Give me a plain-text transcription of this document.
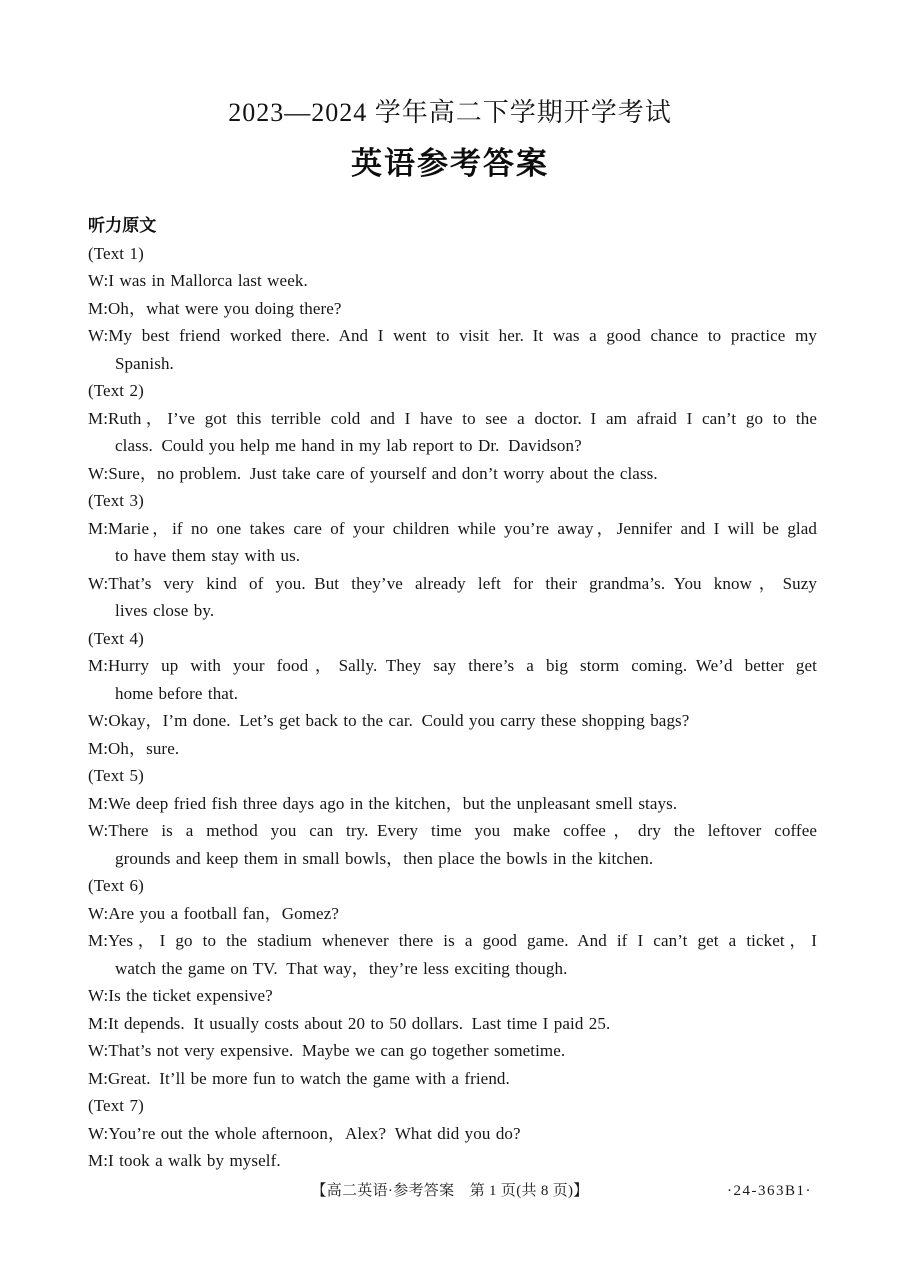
2023—2024 学年高二下学期开学考试
英语参考答案
听力原文
(Text 1)
W:I was in Mallorca last week.
M:Oh，what were you doing there?
W:My best friend worked there. And I went to visit her. It was a good chance to practice my
Spanish.
(Text 2)
M:Ruth，I’ve got this terrible cold and I have to see a doctor. I am afraid I can’t go to the
class. Could you help me hand in my lab report to Dr. Davidson?
W:Sure，no problem. Just take care of yourself and don’t worry about the class.
(Text 3)
M:Marie，if no one takes care of your children while you’re away，Jennifer and I will be glad
to have them stay with us.
W:That’s very kind of you. But they’ve already left for their grandma’s. You know，Suzy
lives close by.
(Text 4)
M:Hurry up with your food，Sally. They say there’s a big storm coming. We’d better get
home before that.
W:Okay，I’m done. Let’s get back to the car. Could you carry these shopping bags?
M:Oh，sure.
(Text 5)
M:We deep fried fish three days ago in the kitchen，but the unpleasant smell stays.
W:There is a method you can try. Every time you make coffee，dry the leftover coffee
grounds and keep them in small bowls，then place the bowls in the kitchen.
(Text 6)
W:Are you a football fan，Gomez?
M:Yes，I go to the stadium whenever there is a good game. And if I can’t get a ticket，I
watch the game on TV. That way，they’re less exciting though.
W:Is the ticket expensive?
M:It depends. It usually costs about 20 to 50 dollars. Last time I paid 25.
W:That’s not very expensive. Maybe we can go together sometime.
M:Great. It’ll be more fun to watch the game with a friend.
(Text 7)
W:You’re out the whole afternoon，Alex? What did you do?
M:I took a walk by myself.
【高二英语·参考答案 第 1 页(共 8 页)】	·24-363B1·
